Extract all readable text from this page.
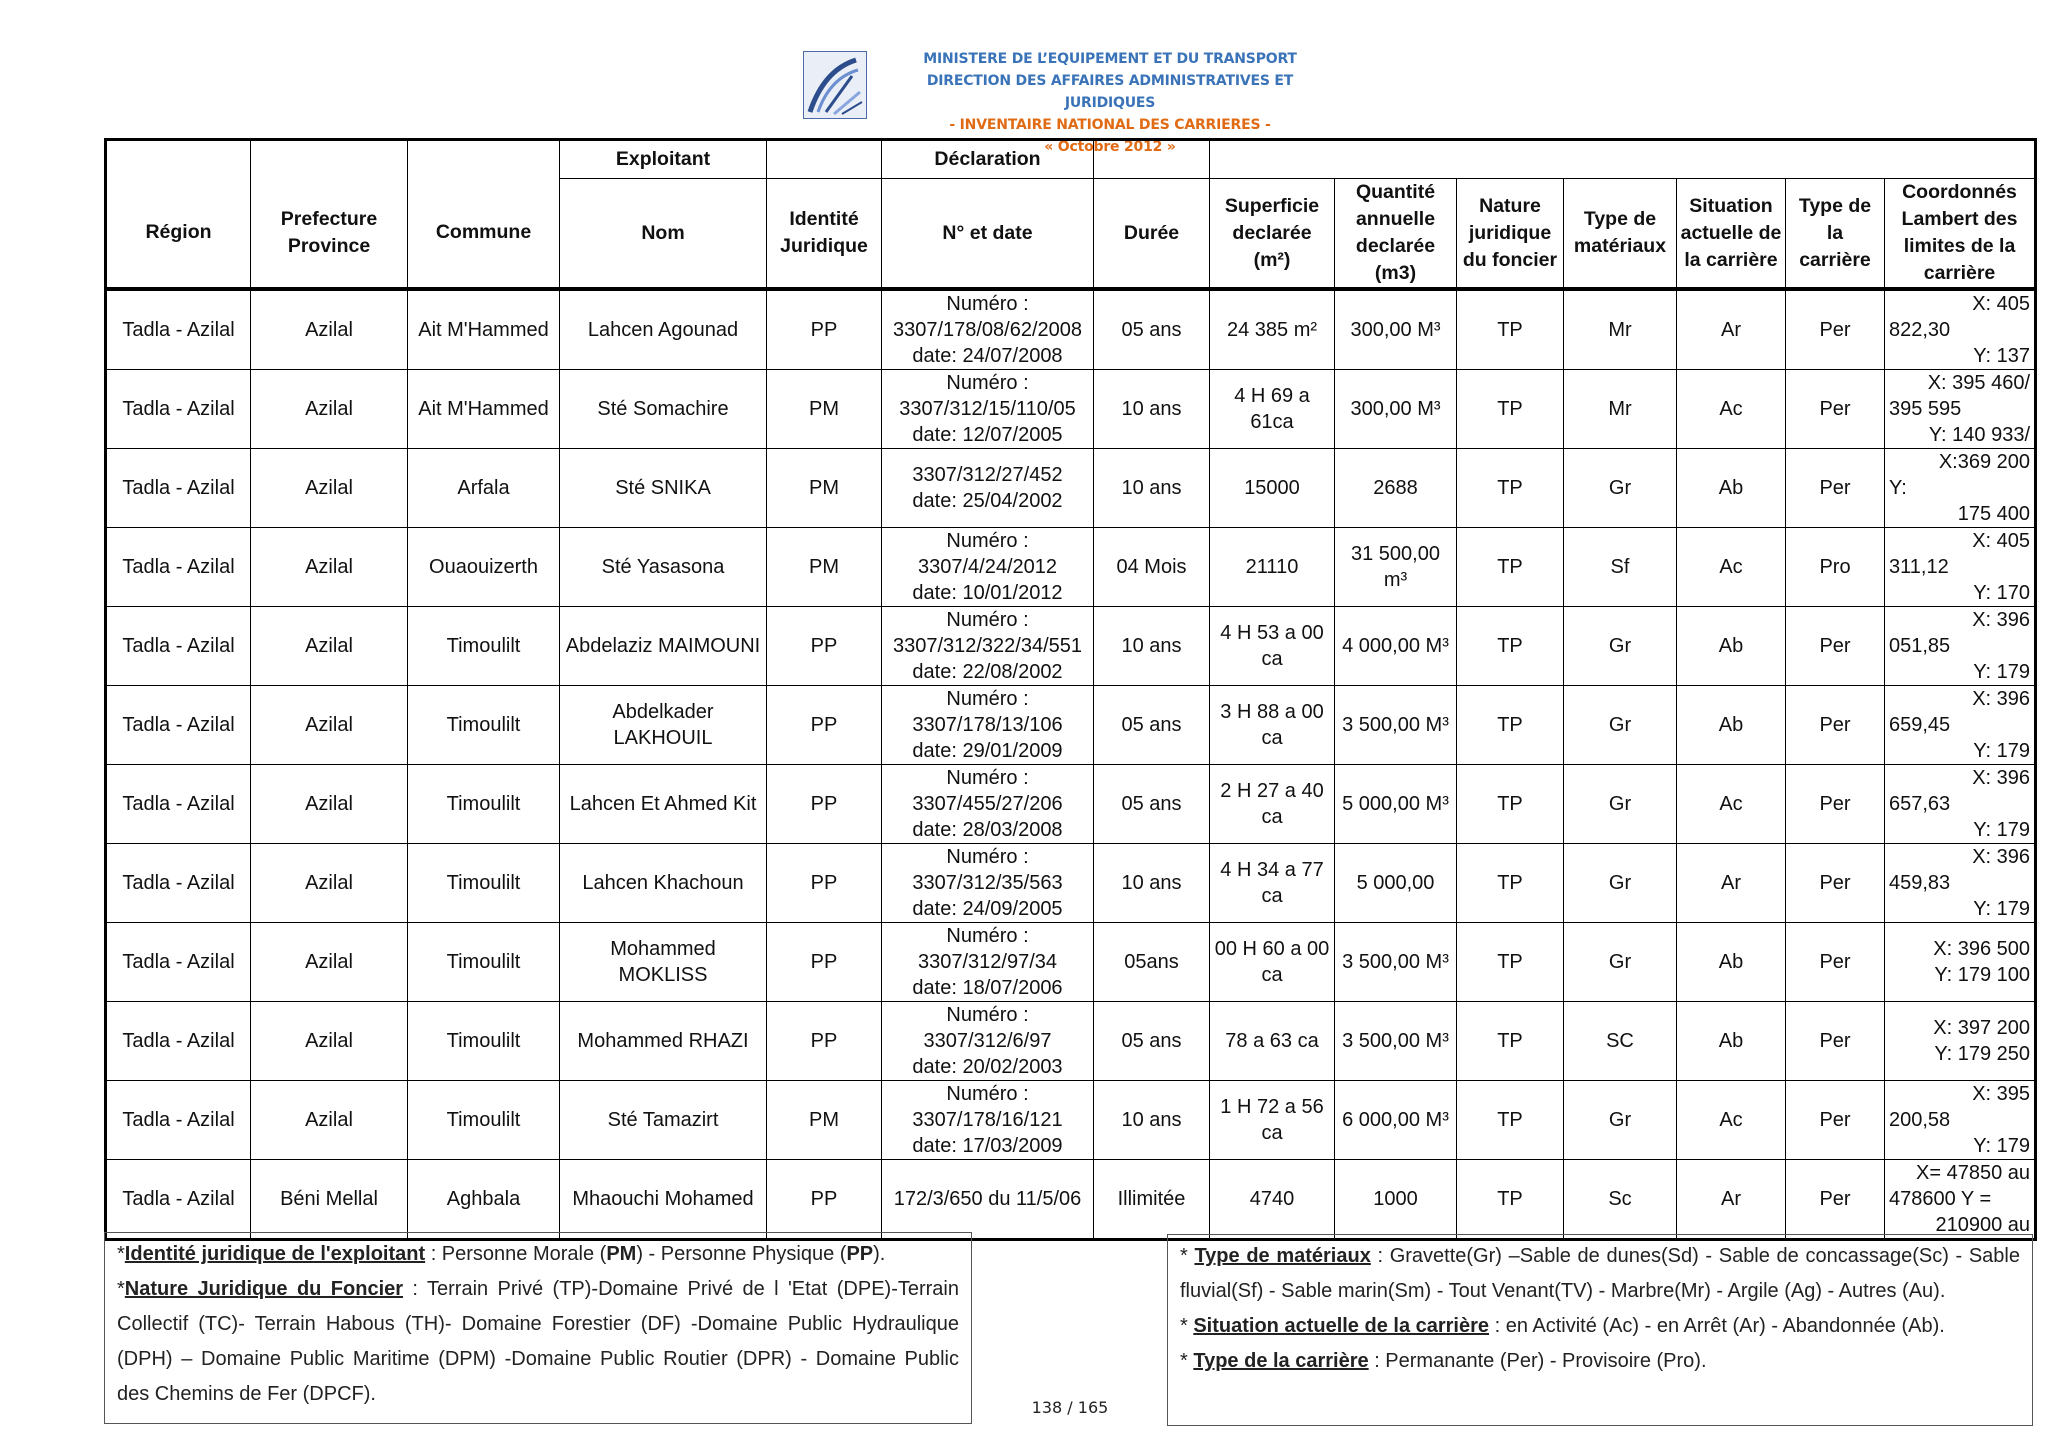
MINISTERE DE L’EQUIPEMENT ET DU TRANSPORT
DIRECTION DES AFFAIRES ADMINISTRATIVES ET JURIDIQUES
- INVENTAIRE NATIONAL DES CARRIERES -
« Octobre 2012 »
			Exploitant		Déclaration								
Région	Prefecture Province	Commune	Nom	Identité Juridique	N° et date	Durée	Superficie declarée (m²)	Quantité annuelle declarée (m3)	Nature juridique du foncier	Type de matériaux	Situation actuelle de la carrière	Type de la carrière	Coordonnés Lambert des limites de la carrière
Tadla - Azilal	Azilal	Ait M'Hammed	Lahcen Agounad	PP	Numéro :
3307/178/08/62/2008
date: 24/07/2008	05 ans	24 385 m²	300,00 M³	TP	Mr	Ar	Per	X: 405
822,30
Y: 137

Tadla - Azilal	Azilal	Ait M'Hammed	Sté Somachire	PM	Numéro :
3307/312/15/110/05
date: 12/07/2005	10 ans	4 H 69 a 61ca	300,00 M³	TP	Mr	Ac	Per	X: 395 460/
395 595
Y: 140 933/

Tadla - Azilal	Azilal	Arfala	Sté SNIKA	PM	3307/312/27/452
date: 25/04/2002	10 ans	15000	2688	TP	Gr	Ab	Per	X:369 200
Y:
175 400

Tadla - Azilal	Azilal	Ouaouizerth	Sté Yasasona	PM	Numéro :
3307/4/24/2012
date: 10/01/2012	04 Mois	21110	31 500,00 m³	TP	Sf	Ac	Pro	X: 405
311,12
Y: 170

Tadla - Azilal	Azilal	Timoulilt	Abdelaziz MAIMOUNI	PP	Numéro :
3307/312/322/34/551
date: 22/08/2002	10 ans	4 H 53 a 00 ca	4 000,00 M³	TP	Gr	Ab	Per	X: 396
051,85
Y: 179

Tadla - Azilal	Azilal	Timoulilt	Abdelkader LAKHOUIL	PP	Numéro :
3307/178/13/106
date: 29/01/2009	05 ans	3 H 88 a 00 ca	3 500,00 M³	TP	Gr	Ab	Per	X: 396
659,45
Y: 179

Tadla - Azilal	Azilal	Timoulilt	Lahcen Et Ahmed Kit	PP	Numéro :
3307/455/27/206
date: 28/03/2008	05 ans	2 H 27 a 40 ca	5 000,00 M³	TP	Gr	Ac	Per	X: 396
657,63
Y: 179

Tadla - Azilal	Azilal	Timoulilt	Lahcen Khachoun	PP	Numéro :
3307/312/35/563
date: 24/09/2005	10 ans	4 H 34 a 77 ca	5 000,00	TP	Gr	Ar	Per	X: 396
459,83
Y: 179

Tadla - Azilal	Azilal	Timoulilt	Mohammed MOKLISS	PP	Numéro :
3307/312/97/34
date: 18/07/2006	05ans	00 H 60 a 00 ca	3 500,00 M³	TP	Gr	Ab	Per	X: 396 500
Y: 179 100

Tadla - Azilal	Azilal	Timoulilt	Mohammed RHAZI	PP	Numéro :
3307/312/6/97
date: 20/02/2003	05 ans	78 a 63 ca	3 500,00 M³	TP	SC	Ab	Per	X: 397 200
Y: 179 250

Tadla - Azilal	Azilal	Timoulilt	Sté Tamazirt	PM	Numéro :
3307/178/16/121
date: 17/03/2009	10 ans	1 H 72 a 56 ca	6 000,00 M³	TP	Gr	Ac	Per	X: 395
200,58
Y: 179

Tadla - Azilal	Béni Mellal	Aghbala	Mhaouchi Mohamed	PP	172/3/650 du 11/5/06	Illimitée	4740	1000	TP	Sc	Ar	Per	X= 47850 au
478600 Y =
210900 au
*Identité juridique de l'exploitant : Personne Morale (PM) - Personne Physique (PP).
*Nature Juridique du Foncier : Terrain Privé (TP)-Domaine Privé de l 'Etat (DPE)-Terrain Collectif (TC)- Terrain Habous (TH)- Domaine Forestier (DF) -Domaine Public Hydraulique (DPH) – Domaine Public Maritime (DPM) -Domaine Public Routier (DPR) - Domaine Public des Chemins de Fer (DPCF).
* Type de matériaux : Gravette(Gr) –Sable de dunes(Sd) - Sable de concassage(Sc) - Sable fluvial(Sf) - Sable marin(Sm) - Tout Venant(TV) - Marbre(Mr) - Argile (Ag) - Autres (Au).
* Situation actuelle de la carrière : en Activité (Ac) - en Arrêt (Ar) - Abandonnée (Ab).
* Type de la carrière : Permanante (Per) - Provisoire (Pro).
138 / 165
